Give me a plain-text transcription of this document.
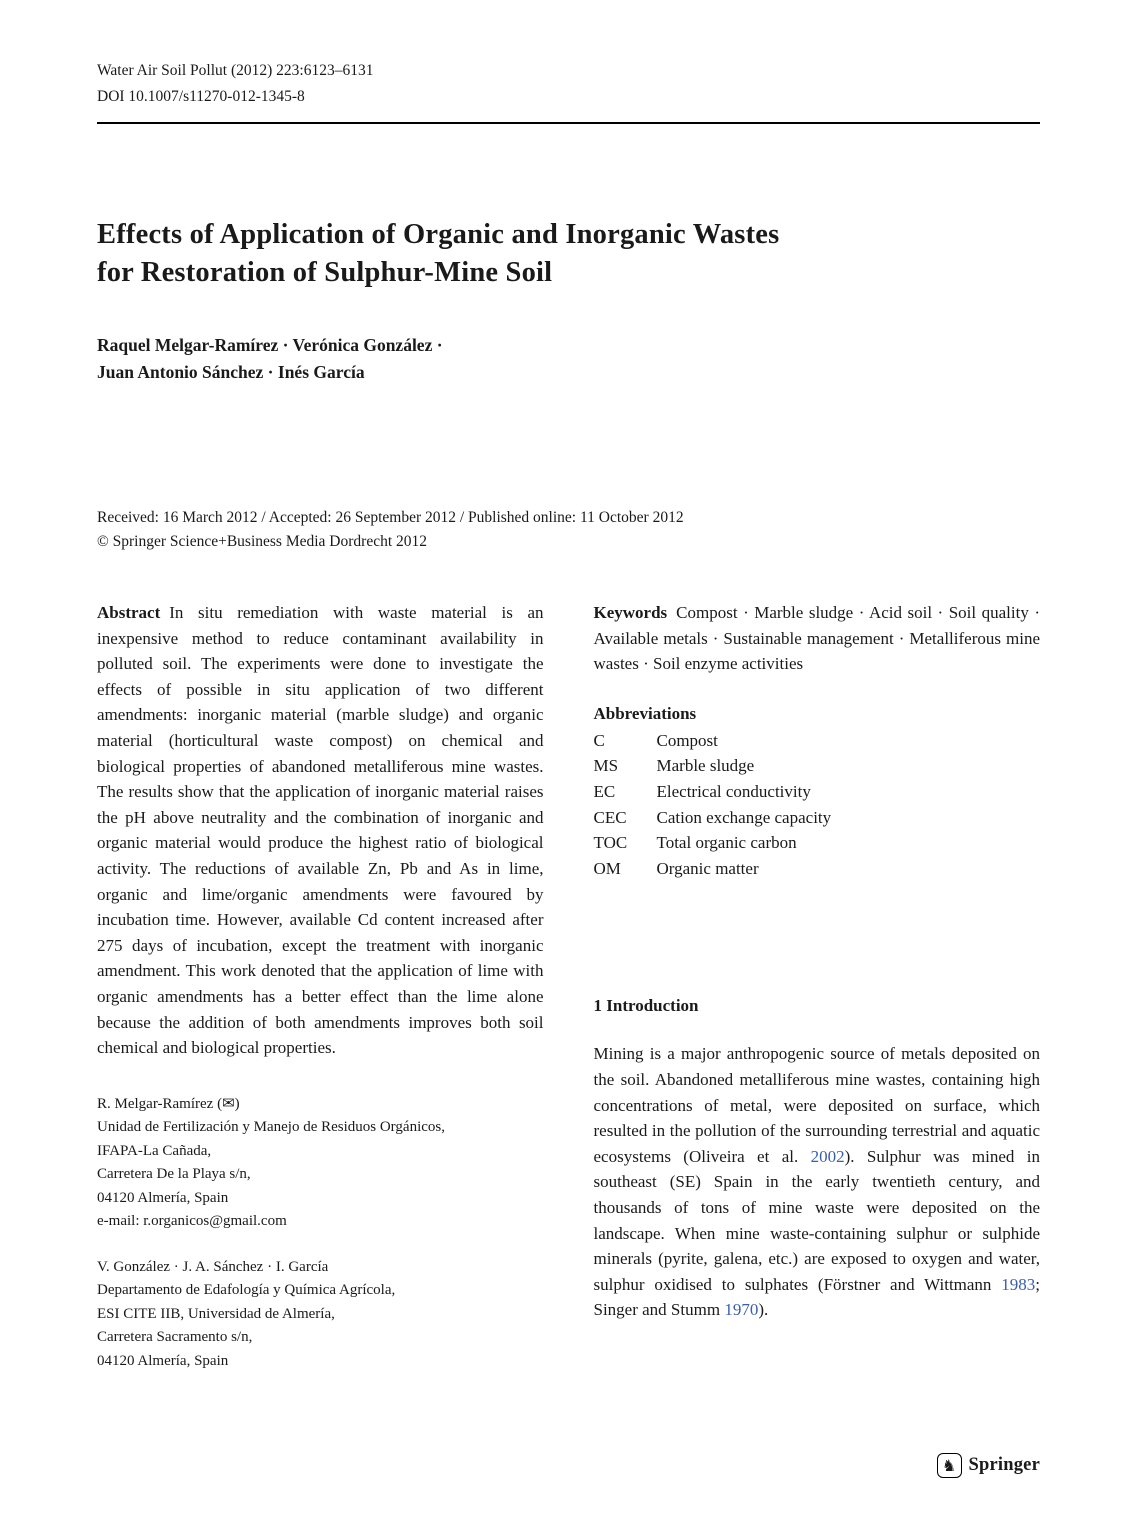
Water Air Soil Pollut (2012) 223:6123–6131
DOI 10.1007/s11270-012-1345-8
Effects of Application of Organic and Inorganic Wastes
for Restoration of Sulphur-Mine Soil
Raquel Melgar-Ramírez · Verónica González ·
Juan Antonio Sánchez · Inés García
Received: 16 March 2012 / Accepted: 26 September 2012 / Published online: 11 October 2012
© Springer Science+Business Media Dordrecht 2012

Abstract In situ remediation with waste material is an inexpensive method to reduce contaminant availability in polluted soil. The experiments were done to investigate the effects of possible in situ application of two different amendments: inorganic material (marble sludge) and organic material (horticultural waste compost) on chemical and biological properties of abandoned metalliferous mine wastes. The results show that the application of inorganic material raises the pH above neutrality and the combination of inorganic and organic material would produce the highest ratio of biological activity. The reductions of available Zn, Pb and As in lime, organic and lime/organic amendments were favoured by incubation time. However, available Cd content increased after 275 days of incubation, except the treatment with inorganic amendment. This work denoted that the application of lime with organic amendments has a better effect than the lime alone because the addition of both amendments improves both soil chemical and biological properties.

R. Melgar-Ramírez (✉)
Unidad de Fertilización y Manejo de Residuos Orgánicos,
IFAPA-La Cañada,
Carretera De la Playa s/n,
04120 Almería, Spain
e-mail: r.organicos@gmail.com
V. González · J. A. Sánchez · I. García
Departamento de Edafología y Química Agrícola,
ESI CITE IIB, Universidad de Almería,
Carretera Sacramento s/n,
04120 Almería, Spain

Keywords Compost · Marble sludge · Acid soil · Soil quality · Available metals · Sustainable management · Metalliferous mine wastes · Soil enzyme activities

Abbreviations
C	Compost
MS	Marble sludge
EC	Electrical conductivity
CEC	Cation exchange capacity
TOC	Total organic carbon
OM	Organic matter
1 Introduction

Mining is a major anthropogenic source of metals deposited on the soil. Abandoned metalliferous mine wastes, containing high concentrations of metal, were deposited on surface, which resulted in the pollution of the surrounding terrestrial and aquatic ecosystems (Oliveira et al. 2002). Sulphur was mined in southeast (SE) Spain in the early twentieth century, and thousands of tons of mine waste were deposited on the landscape. When mine waste-containing sulphur or sulphide minerals (pyrite, galena, etc.) are exposed to oxygen and water, sulphur oxidised to sulphates (Förstner and Wittmann 1983; Singer and Stumm 1970).

♞ Springer
